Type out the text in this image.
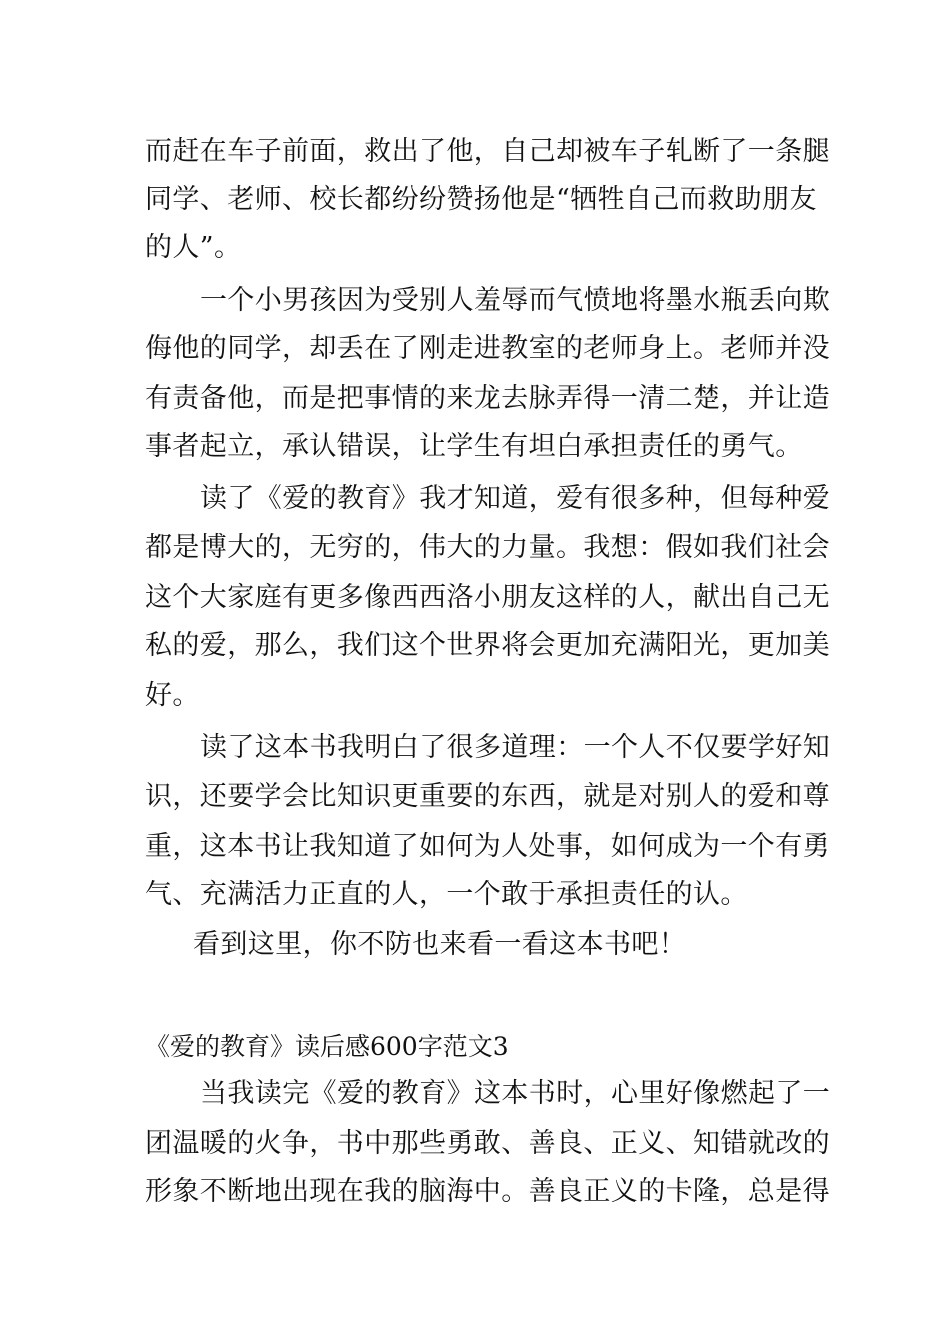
而赶在车子前面，救出了他，自己却被车子轧断了一条腿
同学、老师、校长都纷纷赞扬他是“牺牲自己而救助朋友
的人”。
一个小男孩因为受别人羞辱而气愤地将墨水瓶丢向欺
侮他的同学，却丢在了刚走进教室的老师身上。老师并没
有责备他，而是把事情的来龙去脉弄得一清二楚，并让造
事者起立，承认错误，让学生有坦白承担责任的勇气。
读了《爱的教育》我才知道，爱有很多种，但每种爱
都是博大的，无穷的，伟大的力量。我想：假如我们社会
这个大家庭有更多像西西洛小朋友这样的人，献出自己无
私的爱，那么，我们这个世界将会更加充满阳光，更加美
好。
读了这本书我明白了很多道理：一个人不仅要学好知
识，还要学会比知识更重要的东西，就是对别人的爱和尊
重，这本书让我知道了如何为人处事，如何成为一个有勇
气、充满活力正直的人，一个敢于承担责任的认。
看到这里，你不防也来看一看这本书吧！
《爱的教育》读后感600字范文3
当我读完《爱的教育》这本书时，心里好像燃起了一
团温暖的火争，书中那些勇敢、善良、正义、知错就改的
形象不断地出现在我的脑海中。善良正义的卡隆，总是得
